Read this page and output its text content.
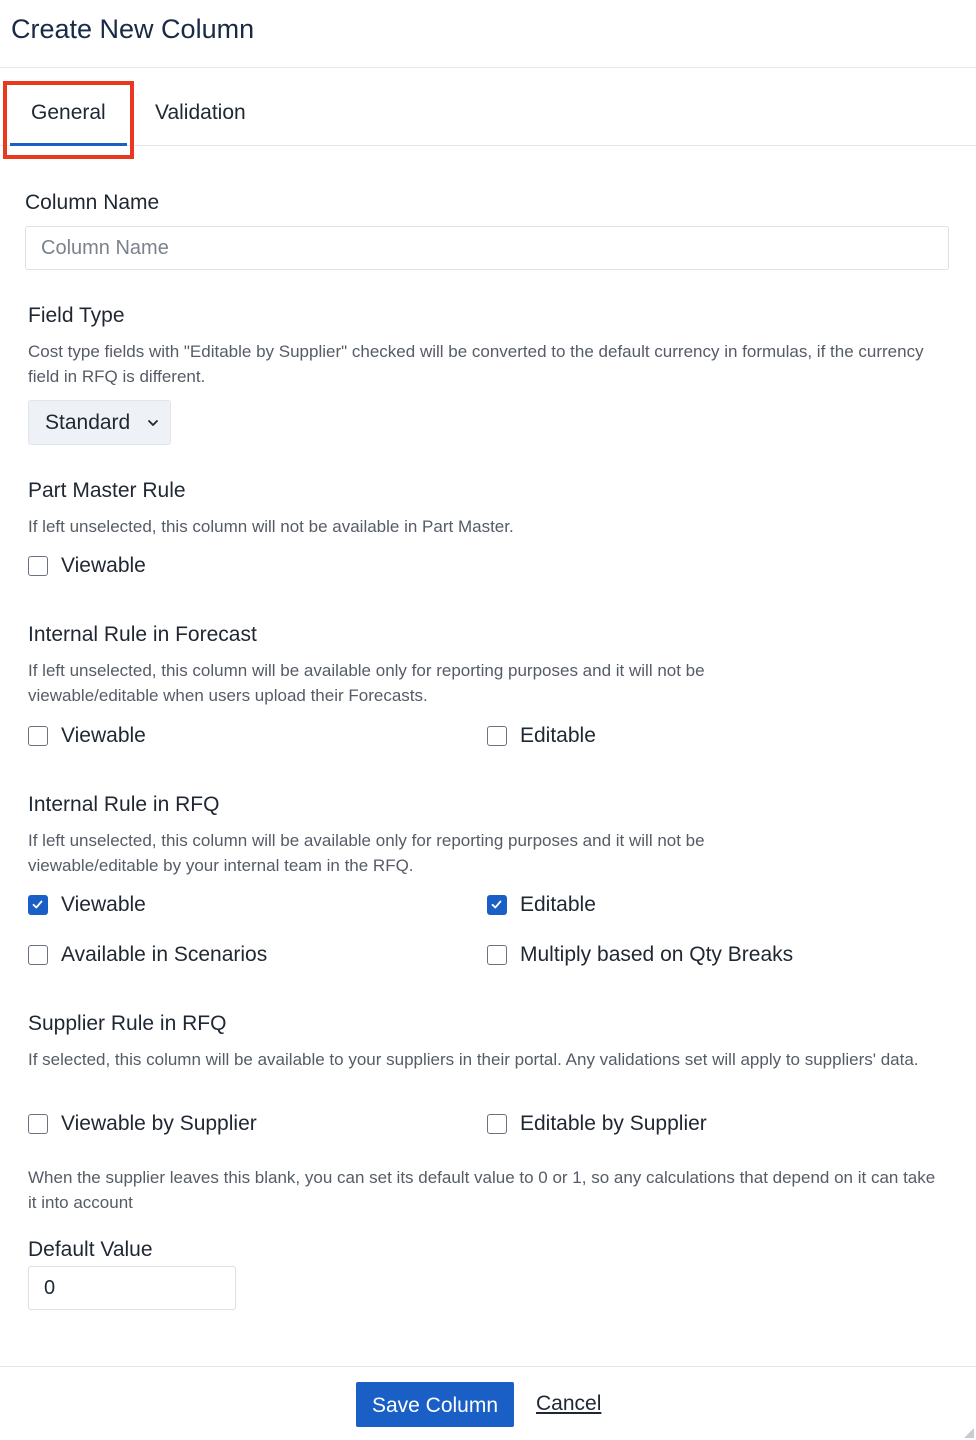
Create New Column
General Validation
Column Name
Column Name
Field Type
Cost type fields with "Editable by Supplier" checked will be converted to the default currency in formulas, if the currency field in RFQ is different.
Standard
Part Master Rule
If left unselected, this column will not be available in Part Master.
Viewable
Internal Rule in Forecast
If left unselected, this column will be available only for reporting purposes and it will not be viewable/editable when users upload their Forecasts.
Viewable	Editable
Internal Rule in RFQ
If left unselected, this column will be available only for reporting purposes and it will not be viewable/editable by your internal team in the RFQ.
Viewable	Editable
Available in Scenarios	Multiply based on Qty Breaks
Supplier Rule in RFQ
If selected, this column will be available to your suppliers in their portal. Any validations set will apply to suppliers' data.
Viewable by Supplier	Editable by Supplier
When the supplier leaves this blank, you can set its default value to 0 or 1, so any calculations that depend on it can take it into account
Default Value
0
Save Column	Cancel
